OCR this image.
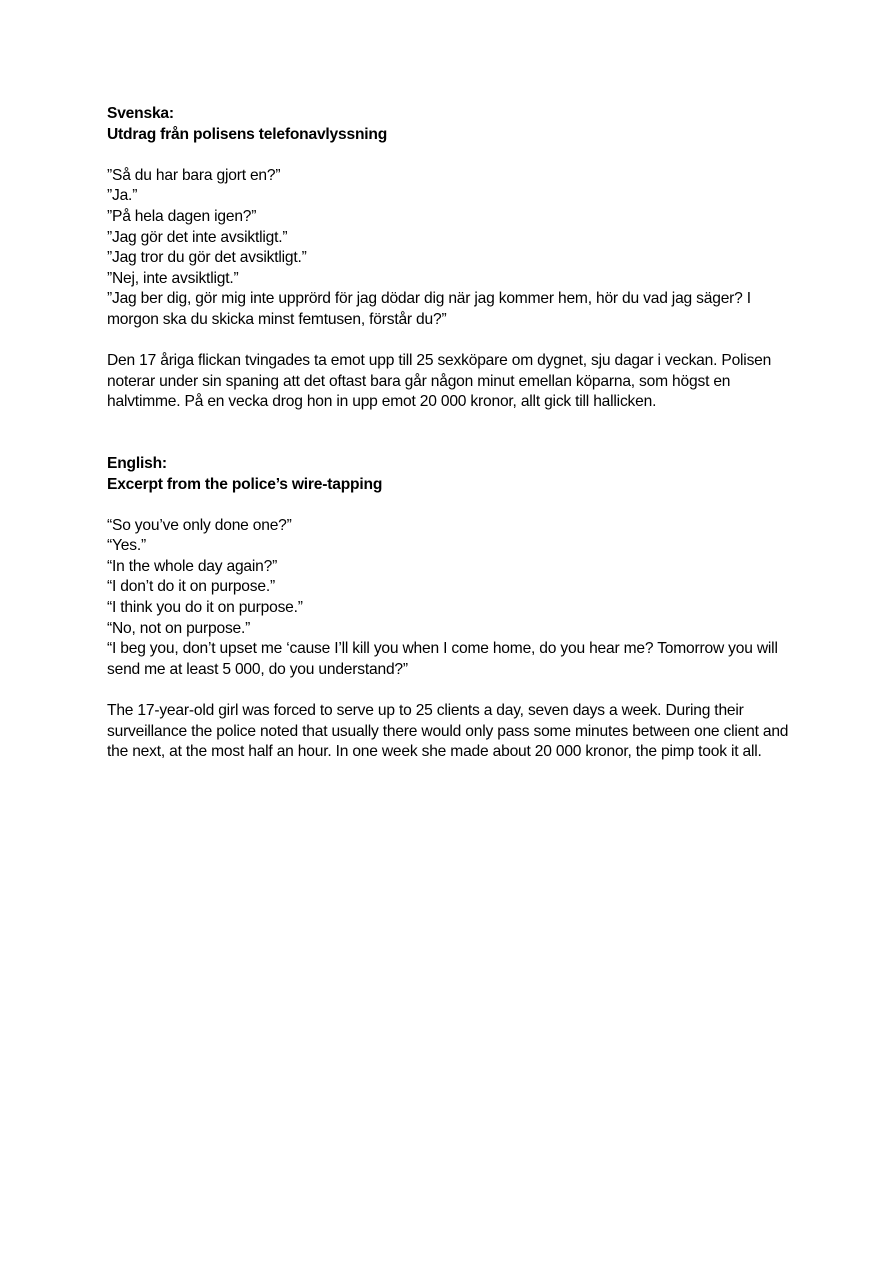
Svenska:

Utdrag från polisens telefonavlyssning

”Så du har bara gjort en?”

”Ja.”

”På hela dagen igen?”

”Jag gör det inte avsiktligt.”

”Jag tror du gör det avsiktligt.”

”Nej, inte avsiktligt.”

”Jag ber dig, gör mig inte upprörd för jag dödar dig när jag kommer hem, hör du vad jag säger? I

morgon ska du skicka minst femtusen, förstår du?”

Den 17 åriga flickan tvingades ta emot upp till 25 sexköpare om dygnet, sju dagar i veckan. Polisen

noterar under sin spaning att det oftast bara går någon minut emellan köparna, som högst en

halvtimme. På en vecka drog hon in upp emot 20 000 kronor, allt gick till hallicken.

English:

Excerpt from the police’s wire-tapping

“So you’ve only done one?”

“Yes.”

“In the whole day again?”

“I don’t do it on purpose.”

“I think you do it on purpose.”

“No, not on purpose.”

“I beg you, don’t upset me ‘cause I’ll kill you when I come home, do you hear me? Tomorrow you will

send me at least 5 000, do you understand?”

The 17-year-old girl was forced to serve up to 25 clients a day, seven days a week. During their

surveillance the police noted that usually there would only pass some minutes between one client and

the next, at the most half an hour. In one week she made about 20 000 kronor, the pimp took it all.
